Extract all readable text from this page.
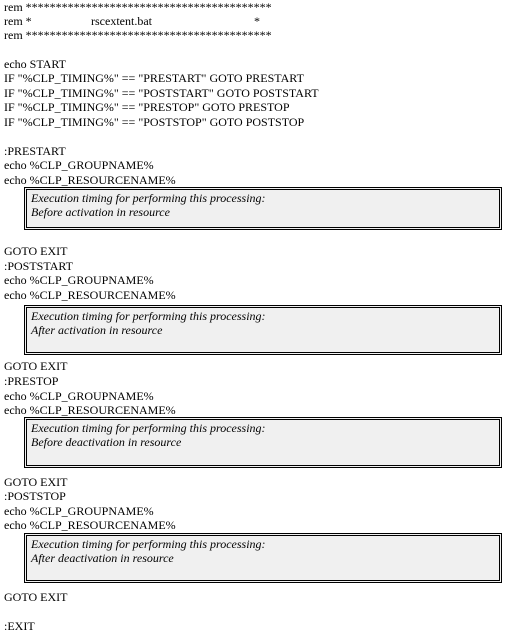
rem *****************************************

rem *

	rscextent.bat

	*

rem *****************************************
echo START
IF "%CLP_TIMING%" == "PRESTART" GOTO PRESTART
IF "%CLP_TIMING%" == "POSTSTART" GOTO POSTSTART
IF "%CLP_TIMING%" == "PRESTOP" GOTO PRESTOP
IF "%CLP_TIMING%" == "POSTSTOP" GOTO POSTSTOP
:PRESTART
echo %CLP_GROUPNAME%
echo %CLP_RESOURCENAME%
Execution timing for performing this processing:
Before activation in resource
GOTO EXIT
:POSTSTART
echo %CLP_GROUPNAME%
echo %CLP_RESOURCENAME%
Execution timing for performing this processing:
After activation in resource
GOTO EXIT
:PRESTOP
echo %CLP_GROUPNAME%
echo %CLP_RESOURCENAME%
Execution timing for performing this processing:
Before deactivation in resource
GOTO EXIT
:POSTSTOP
echo %CLP_GROUPNAME%
echo %CLP_RESOURCENAME%
Execution timing for performing this processing:
After deactivation in resource
GOTO EXIT
:EXIT
